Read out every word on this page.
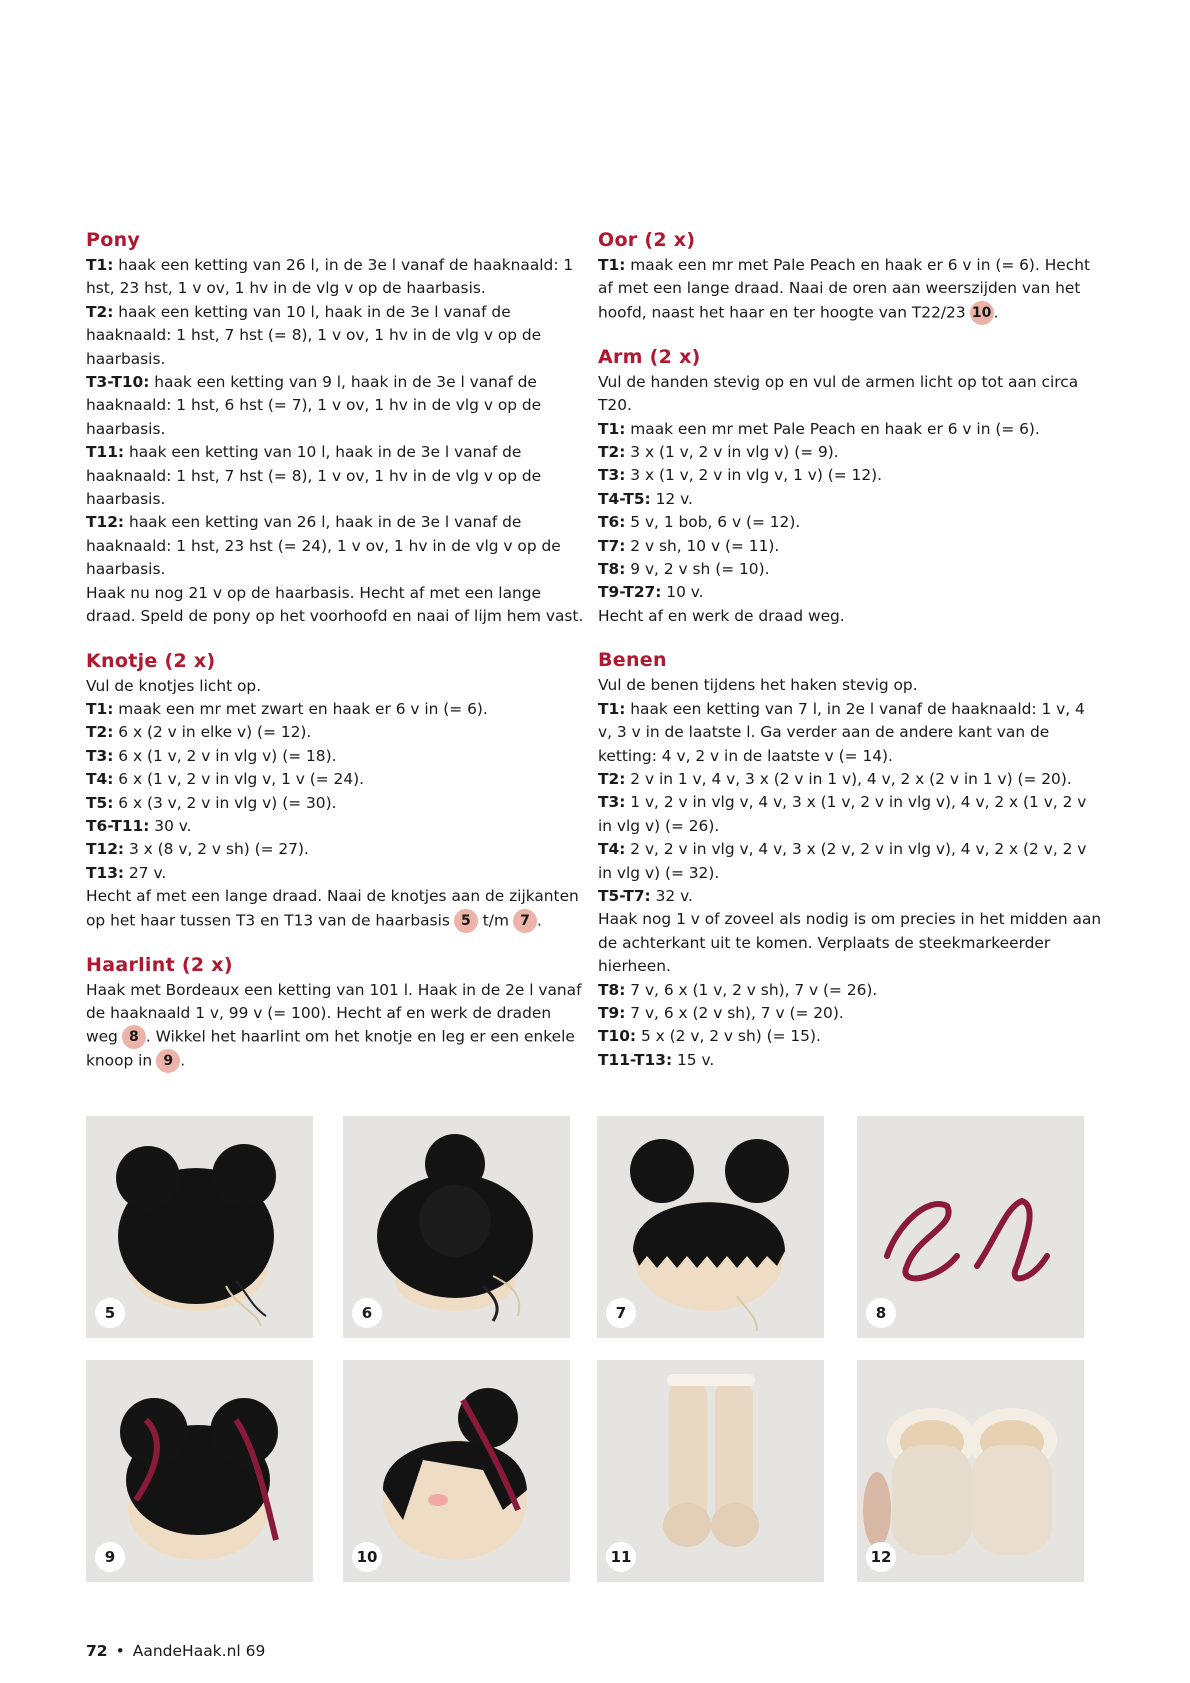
Pony

T1: haak een ketting van 26 l, in de 3e l vanaf de haaknaald: 1 hst, 23 hst, 1 v ov, 1 hv in de vlg v op de haarbasis.

T2: haak een ketting van 10 l, haak in de 3e l vanaf de haaknaald: 1 hst, 7 hst (= 8), 1 v ov, 1 hv in de vlg v op de haarbasis.

T3-T10: haak een ketting van 9 l, haak in de 3e l vanaf de haaknaald: 1 hst, 6 hst (= 7), 1 v ov, 1 hv in de vlg v op de haarbasis.

T11: haak een ketting van 10 l, haak in de 3e l vanaf de haaknaald: 1 hst, 7 hst (= 8), 1 v ov, 1 hv in de vlg v op de haarbasis.

T12: haak een ketting van 26 l, haak in de 3e l vanaf de haaknaald: 1 hst, 23 hst (= 24), 1 v ov, 1 hv in de vlg v op de haarbasis.

Haak nu nog 21 v op de haarbasis. Hecht af met een lange draad. Speld de pony op het voorhoofd en naai of lijm hem vast.

Knotje (2 x)

Vul de knotjes licht op.

T1: maak een mr met zwart en haak er 6 v in (= 6).

T2: 6 x (2 v in elke v) (= 12).

T3: 6 x (1 v, 2 v in vlg v) (= 18).

T4: 6 x (1 v, 2 v in vlg v, 1 v (= 24).

T5: 6 x (3 v, 2 v in vlg v) (= 30).

T6-T11: 30 v.

T12: 3 x (8 v, 2 v sh) (= 27).

T13: 27 v.

Hecht af met een lange draad. Naai de knotjes aan de zijkanten op het haar tussen T3 en T13 van de haarbasis 5 t/m 7 .

Haarlint (2 x)

Haak met Bordeaux een ketting van 101 l. Haak in de 2e l vanaf de haaknaald 1 v, 99 v (= 100). Hecht af en werk de draden weg 8 . Wikkel het haarlint om het knotje en leg er een enkele knoop in 9 .

Oor (2 x)

T1: maak een mr met Pale Peach en haak er 6 v in (= 6). Hecht af met een lange draad. Naai de oren aan weerszijden van het hoofd, naast het haar en ter hoogte van T22/23 10 .

Arm (2 x)

Vul de handen stevig op en vul de armen licht op tot aan circa T20.

T1: maak een mr met Pale Peach en haak er 6 v in (= 6).

T2: 3 x (1 v, 2 v in vlg v) (= 9).

T3: 3 x (1 v, 2 v in vlg v, 1 v) (= 12).

T4-T5: 12 v.

T6: 5 v, 1 bob, 6 v (= 12).

T7: 2 v sh, 10 v (= 11).

T8: 9 v, 2 v sh (= 10).

T9-T27: 10 v.

Hecht af en werk de draad weg.

Benen

Vul de benen tijdens het haken stevig op.

T1: haak een ketting van 7 l, in 2e l vanaf de haaknaald: 1 v, 4 v, 3 v in de laatste l. Ga verder aan de andere kant van de ketting: 4 v, 2 v in de laatste v (= 14).

T2: 2 v in 1 v, 4 v, 3 x (2 v in 1 v), 4 v, 2 x (2 v in 1 v) (= 20).

T3: 1 v, 2 v in vlg v, 4 v, 3 x (1 v, 2 v in vlg v), 4 v, 2 x (1 v, 2 v in vlg v) (= 26).

T4: 2 v, 2 v in vlg v, 4 v, 3 x (2 v, 2 v in vlg v), 4 v, 2 x (2 v, 2 v in vlg v) (= 32).

T5-T7: 32 v.

Haak nog 1 v of zoveel als nodig is om precies in het midden aan de achterkant uit te komen. Verplaats de steekmarkeerder hierheen.

T8: 7 v, 6 x (1 v, 2 v sh), 7 v (= 26).

T9: 7 v, 6 x (2 v sh), 7 v (= 20).

T10: 5 x (2 v, 2 v sh) (= 15).

T11-T13: 15 v.

5	6	7	8
9	10	11	12
72 • AandeHaak.nl 69
